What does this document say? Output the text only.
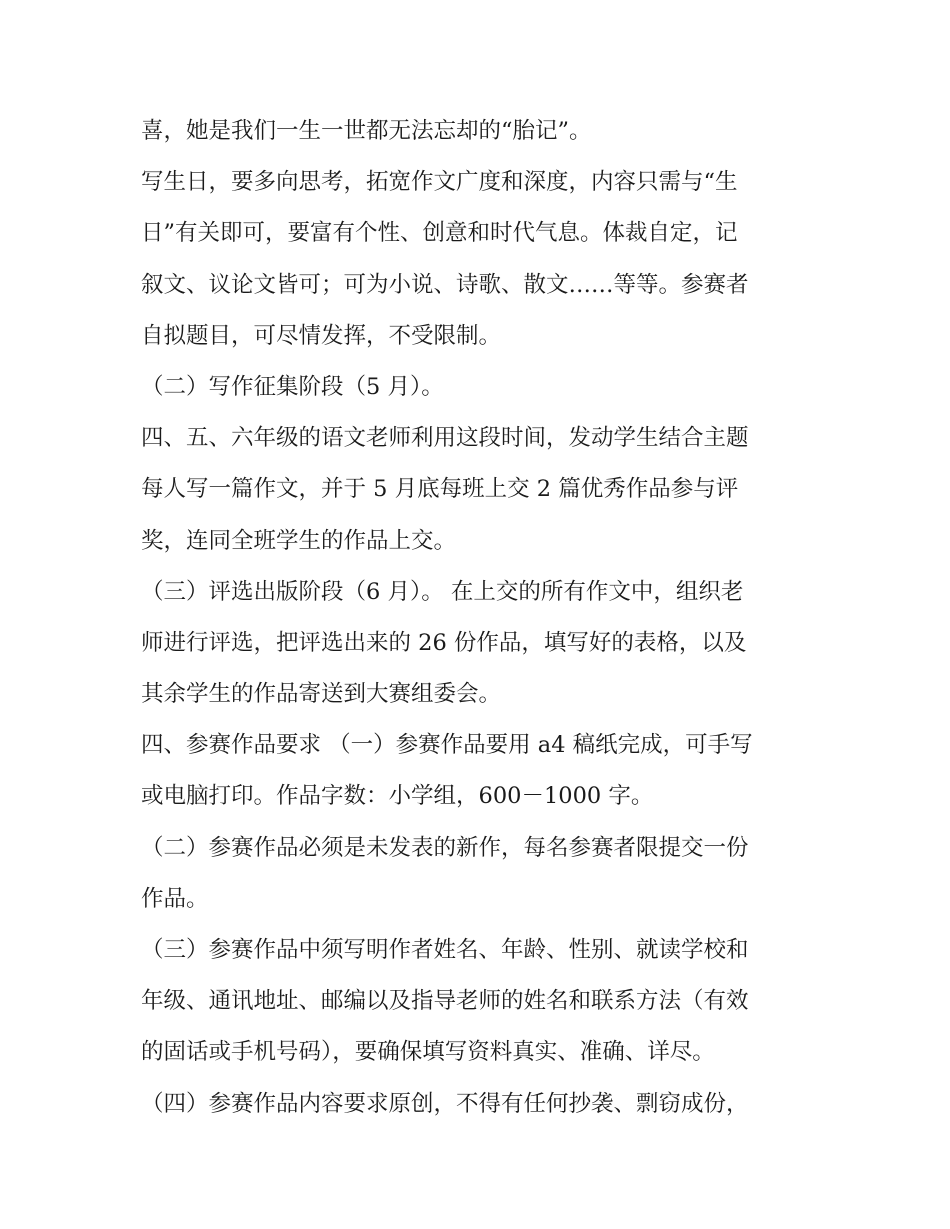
喜，她是我们一生一世都无法忘却的“胎记”。
写生日，要多向思考，拓宽作文广度和深度，内容只需与“生
日”有关即可，要富有个性、创意和时代气息。体裁自定，记
叙文、议论文皆可；可为小说、诗歌、散文……等等。参赛者
自拟题目，可尽情发挥，不受限制。
（二）写作征集阶段（5 月）。
四、五、六年级的语文老师利用这段时间，发动学生结合主题
每人写一篇作文，并于 5 月底每班上交 2 篇优秀作品参与评
奖，连同全班学生的作品上交。
（三）评选出版阶段（6 月）。 在上交的所有作文中，组织老
师进行评选，把评选出来的 26 份作品，填写好的表格，以及
其余学生的作品寄送到大赛组委会。
四、参赛作品要求 （一）参赛作品要用 a4 稿纸完成，可手写
或电脑打印。作品字数：小学组，600－1000 字。
（二）参赛作品必须是未发表的新作，每名参赛者限提交一份
作品。
（三）参赛作品中须写明作者姓名、年龄、性别、就读学校和
年级、通讯地址、邮编以及指导老师的姓名和联系方法（有效
的固话或手机号码），要确保填写资料真实、准确、详尽。
（四）参赛作品内容要求原创，不得有任何抄袭、剽窃成份，
